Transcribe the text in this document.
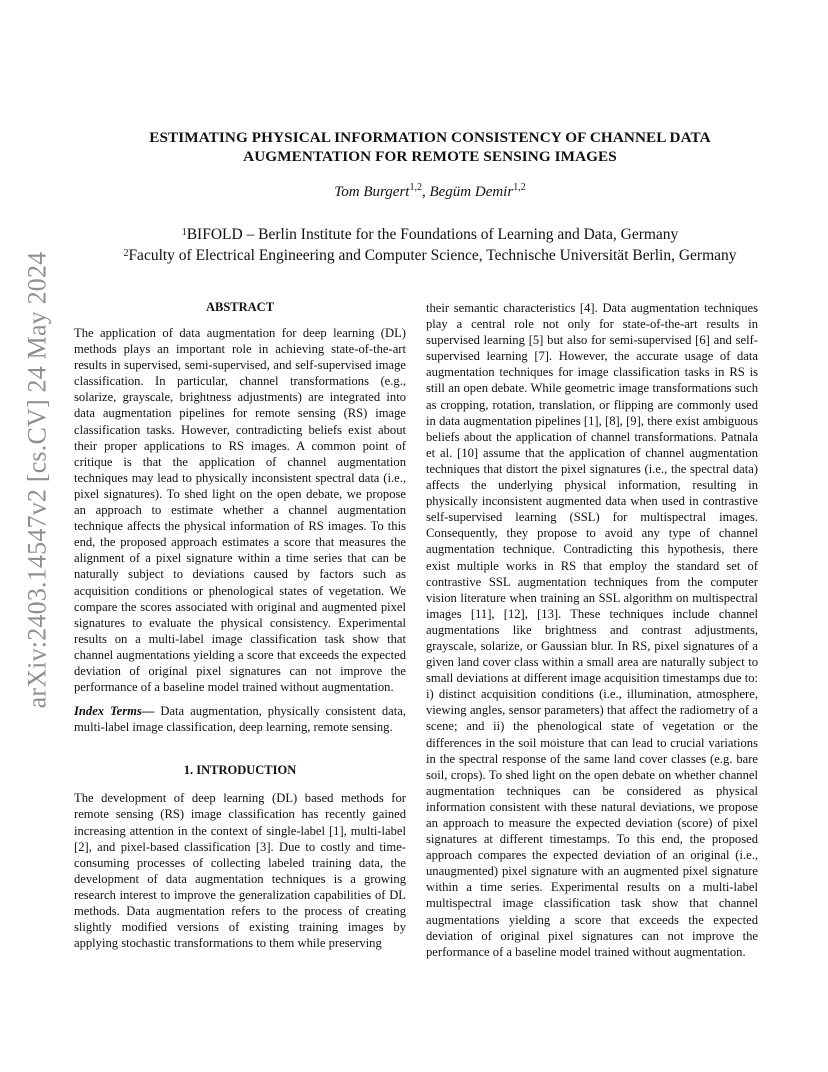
arXiv:2403.14547v2 [cs.CV] 24 May 2024
ESTIMATING PHYSICAL INFORMATION CONSISTENCY OF CHANNEL DATA
AUGMENTATION FOR REMOTE SENSING IMAGES
Tom Burgert$^{1,2}$, Begüm Demir$^{1,2}$
$^1$BIFOLD – Berlin Institute for the Foundations of Learning and Data, Germany
$^2$Faculty of Electrical Engineering and Computer Science, Technische Universität Berlin, Germany
ABSTRACT

The application of data augmentation for deep learning (DL) methods plays an important role in achieving state-of-the-art results in supervised, semi-supervised, and self-supervised image classification. In particular, channel transformations (e.g., solarize, grayscale, brightness adjustments) are integrated into data augmentation pipelines for remote sensing (RS) image classification tasks. However, contradicting beliefs exist about their proper applications to RS images. A common point of critique is that the application of channel augmentation techniques may lead to physically inconsistent spectral data (i.e., pixel signatures). To shed light on the open debate, we propose an approach to estimate whether a channel augmentation technique affects the physical information of RS images. To this end, the proposed approach estimates a score that measures the alignment of a pixel signature within a time series that can be naturally subject to deviations caused by factors such as acquisition conditions or phenological states of vegetation. We compare the scores associated with original and augmented pixel signatures to evaluate the physical consistency. Experimental results on a multi-label image classification task show that channel augmentations yielding a score that exceeds the expected deviation of original pixel signatures can not improve the performance of a baseline model trained without augmentation.

Index Terms— Data augmentation, physically consistent data, multi-label image classification, deep learning, remote sensing.

1. INTRODUCTION

The development of deep learning (DL) based methods for remote sensing (RS) image classification has recently gained increasing attention in the context of single-label [1], multi-label [2], and pixel-based classification [3]. Due to costly and time-consuming processes of collecting labeled training data, the development of data augmentation techniques is a growing research interest to improve the generalization capabilities of DL methods. Data augmentation refers to the process of creating slightly modified versions of existing training images by applying stochastic transformations to them while preserving

their semantic characteristics [4]. Data augmentation techniques play a central role not only for state-of-the-art results in supervised learning [5] but also for semi-supervised [6] and self-supervised learning [7]. However, the accurate usage of data augmentation techniques for image classification tasks in RS is still an open debate. While geometric image transformations such as cropping, rotation, translation, or flipping are commonly used in data augmentation pipelines [1], [8], [9], there exist ambiguous beliefs about the application of channel transformations. Patnala et al. [10] assume that the application of channel augmentation techniques that distort the pixel signatures (i.e., the spectral data) affects the underlying physical information, resulting in physically inconsistent augmented data when used in contrastive self-supervised learning (SSL) for multispectral images. Consequently, they propose to avoid any type of channel augmentation technique. Contradicting this hypothesis, there exist multiple works in RS that employ the standard set of contrastive SSL augmentation techniques from the computer vision literature when training an SSL algorithm on multispectral images [11], [12], [13]. These techniques include channel augmentations like brightness and contrast adjustments, grayscale, solarize, or Gaussian blur. In RS, pixel signatures of a given land cover class within a small area are naturally subject to small deviations at different image acquisition timestamps due to: i) distinct acquisition conditions (i.e., illumination, atmosphere, viewing angles, sensor parameters) that affect the radiometry of a scene; and ii) the phenological state of vegetation or the differences in the soil moisture that can lead to crucial variations in the spectral response of the same land cover classes (e.g. bare soil, crops). To shed light on the open debate on whether channel augmentation techniques can be considered as physical information consistent with these natural deviations, we propose an approach to measure the expected deviation (score) of pixel signatures at different timestamps. To this end, the proposed approach compares the expected deviation of an original (i.e., unaugmented) pixel signature with an augmented pixel signature within a time series. Experimental results on a multi-label multispectral image classification task show that channel augmentations yielding a score that exceeds the expected deviation of original pixel signatures can not improve the performance of a baseline model trained without augmentation.
